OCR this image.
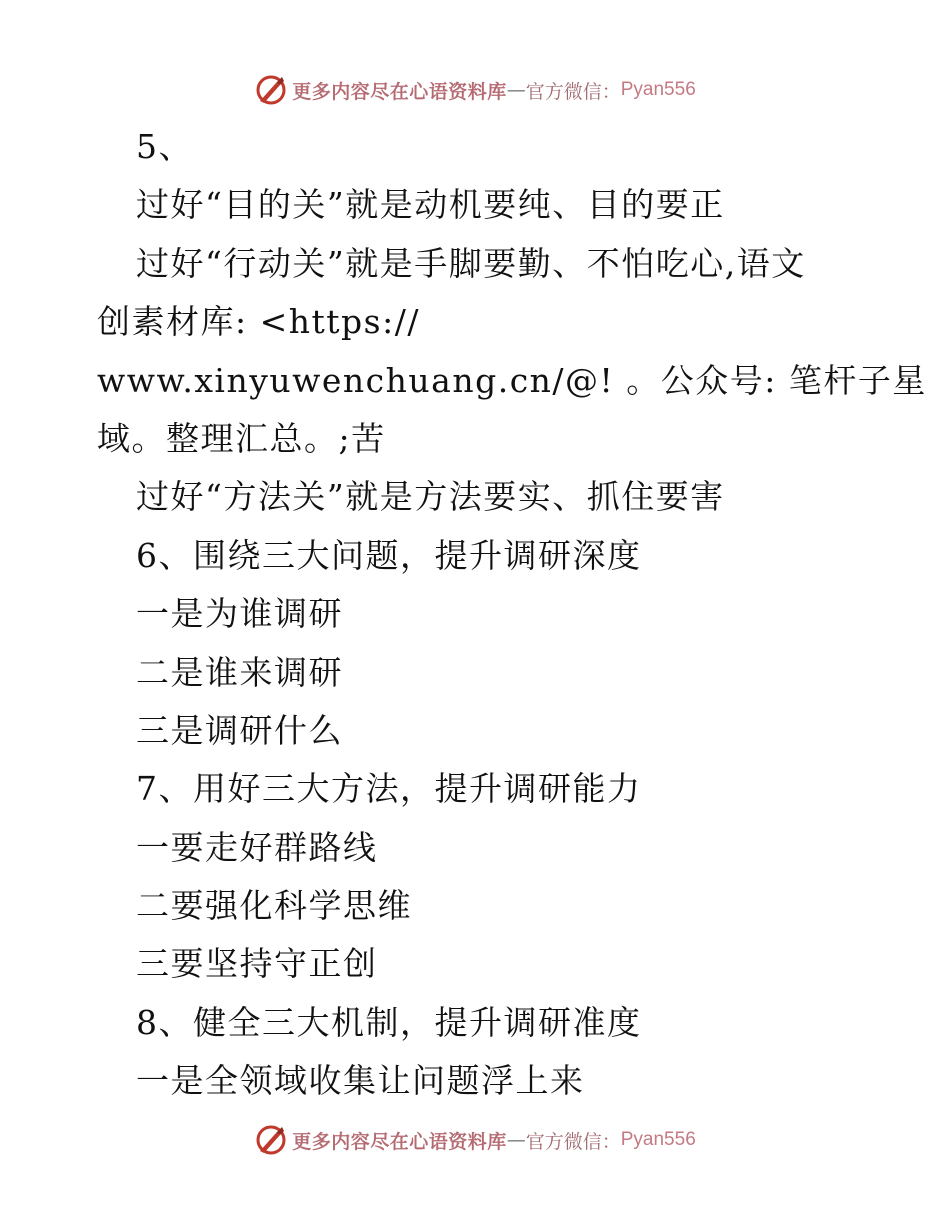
更多内容尽在心语资料库 — 官方微信： Pyan556
5、
过好“目的关”就是动机要纯、目的要正
过好“行动关”就是手脚要勤、不怕吃心,语文
创素材库: <https://
www.xinyuwenchuang.cn/@! 。公众号: 笔杆子星
域。整理汇总。;苦
过好“方法关”就是方法要实、抓住要害
6、围绕三大问题，提升调研深度
一是为谁调研
二是谁来调研
三是调研什么
7、用好三大方法，提升调研能力
一要走好群路线
二要强化科学思维
三要坚持守正创
8、健全三大机制，提升调研准度
一是全领域收集让问题浮上来
更多内容尽在心语资料库 — 官方微信： Pyan556
